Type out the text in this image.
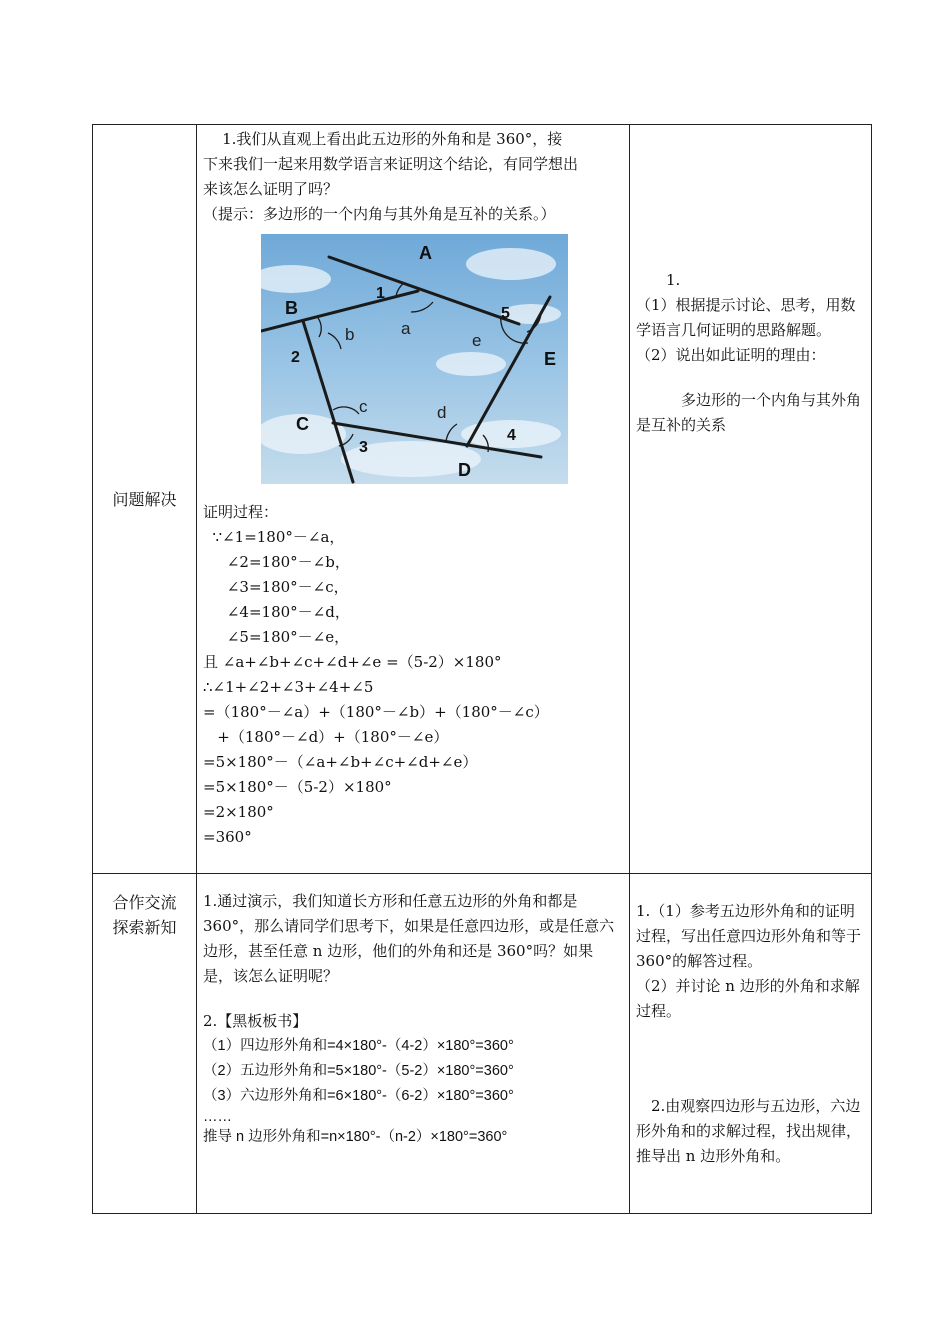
问题解决

1.我们从直观上看出此五边形的外角和是 360°，接

下来我们一起来用数学语言来证明这个结论，有同学想出

来该怎么证明了吗？

（提示：多边形的一个内角与其外角是互补的关系。）

A
B
C
D
E
1
2
3
4
5
a
b
c	d
e

证明过程：

∵∠1=180°－∠a，

∠2=180°－∠b，

∠3=180°－∠c，

∠4=180°－∠d，

∠5=180°－∠e，

且 ∠a+∠b+∠c+∠d+∠e =（5-2）×180°

∴∠1+∠2+∠3+∠4+∠5

=（180°－∠a）+（180°－∠b）+（180°－∠c）

+（180°－∠d）+（180°－∠e）

=5×180°－（∠a+∠b+∠c+∠d+∠e）

=5×180°－（5-2）×180°

=2×180°

=360°

1.

（1）根据提示讨论、思考，用数学语言几何证明的思路解题。

（2）说出如此证明的理由：

多边形的一个内角与其外角是互补的关系

合作交流
探索新知

1.通过演示，我们知道长方形和任意五边形的外角和都是 360°，那么请同学们思考下，如果是任意四边形，或是任意六边形，甚至任意 n 边形，他们的外角和还是 360°吗？如果是，该怎么证明呢？

2.【黑板板书】

（1）四边形外角和=4×180°-（4-2）×180°=360°

（2）五边形外角和=5×180°-（5-2）×180°=360°

（3）六边形外角和=6×180°-（6-2）×180°=360°

……

推导 n 边形外角和=n×180°-（n-2）×180°=360°

1.（1）参考五边形外角和的证明过程，写出任意四边形外角和等于 360°的解答过程。

（2）并讨论 n 边形的外角和求解过程。

2.由观察四边形与五边形，六边形外角和的求解过程，找出规律，推导出 n 边形外角和。
